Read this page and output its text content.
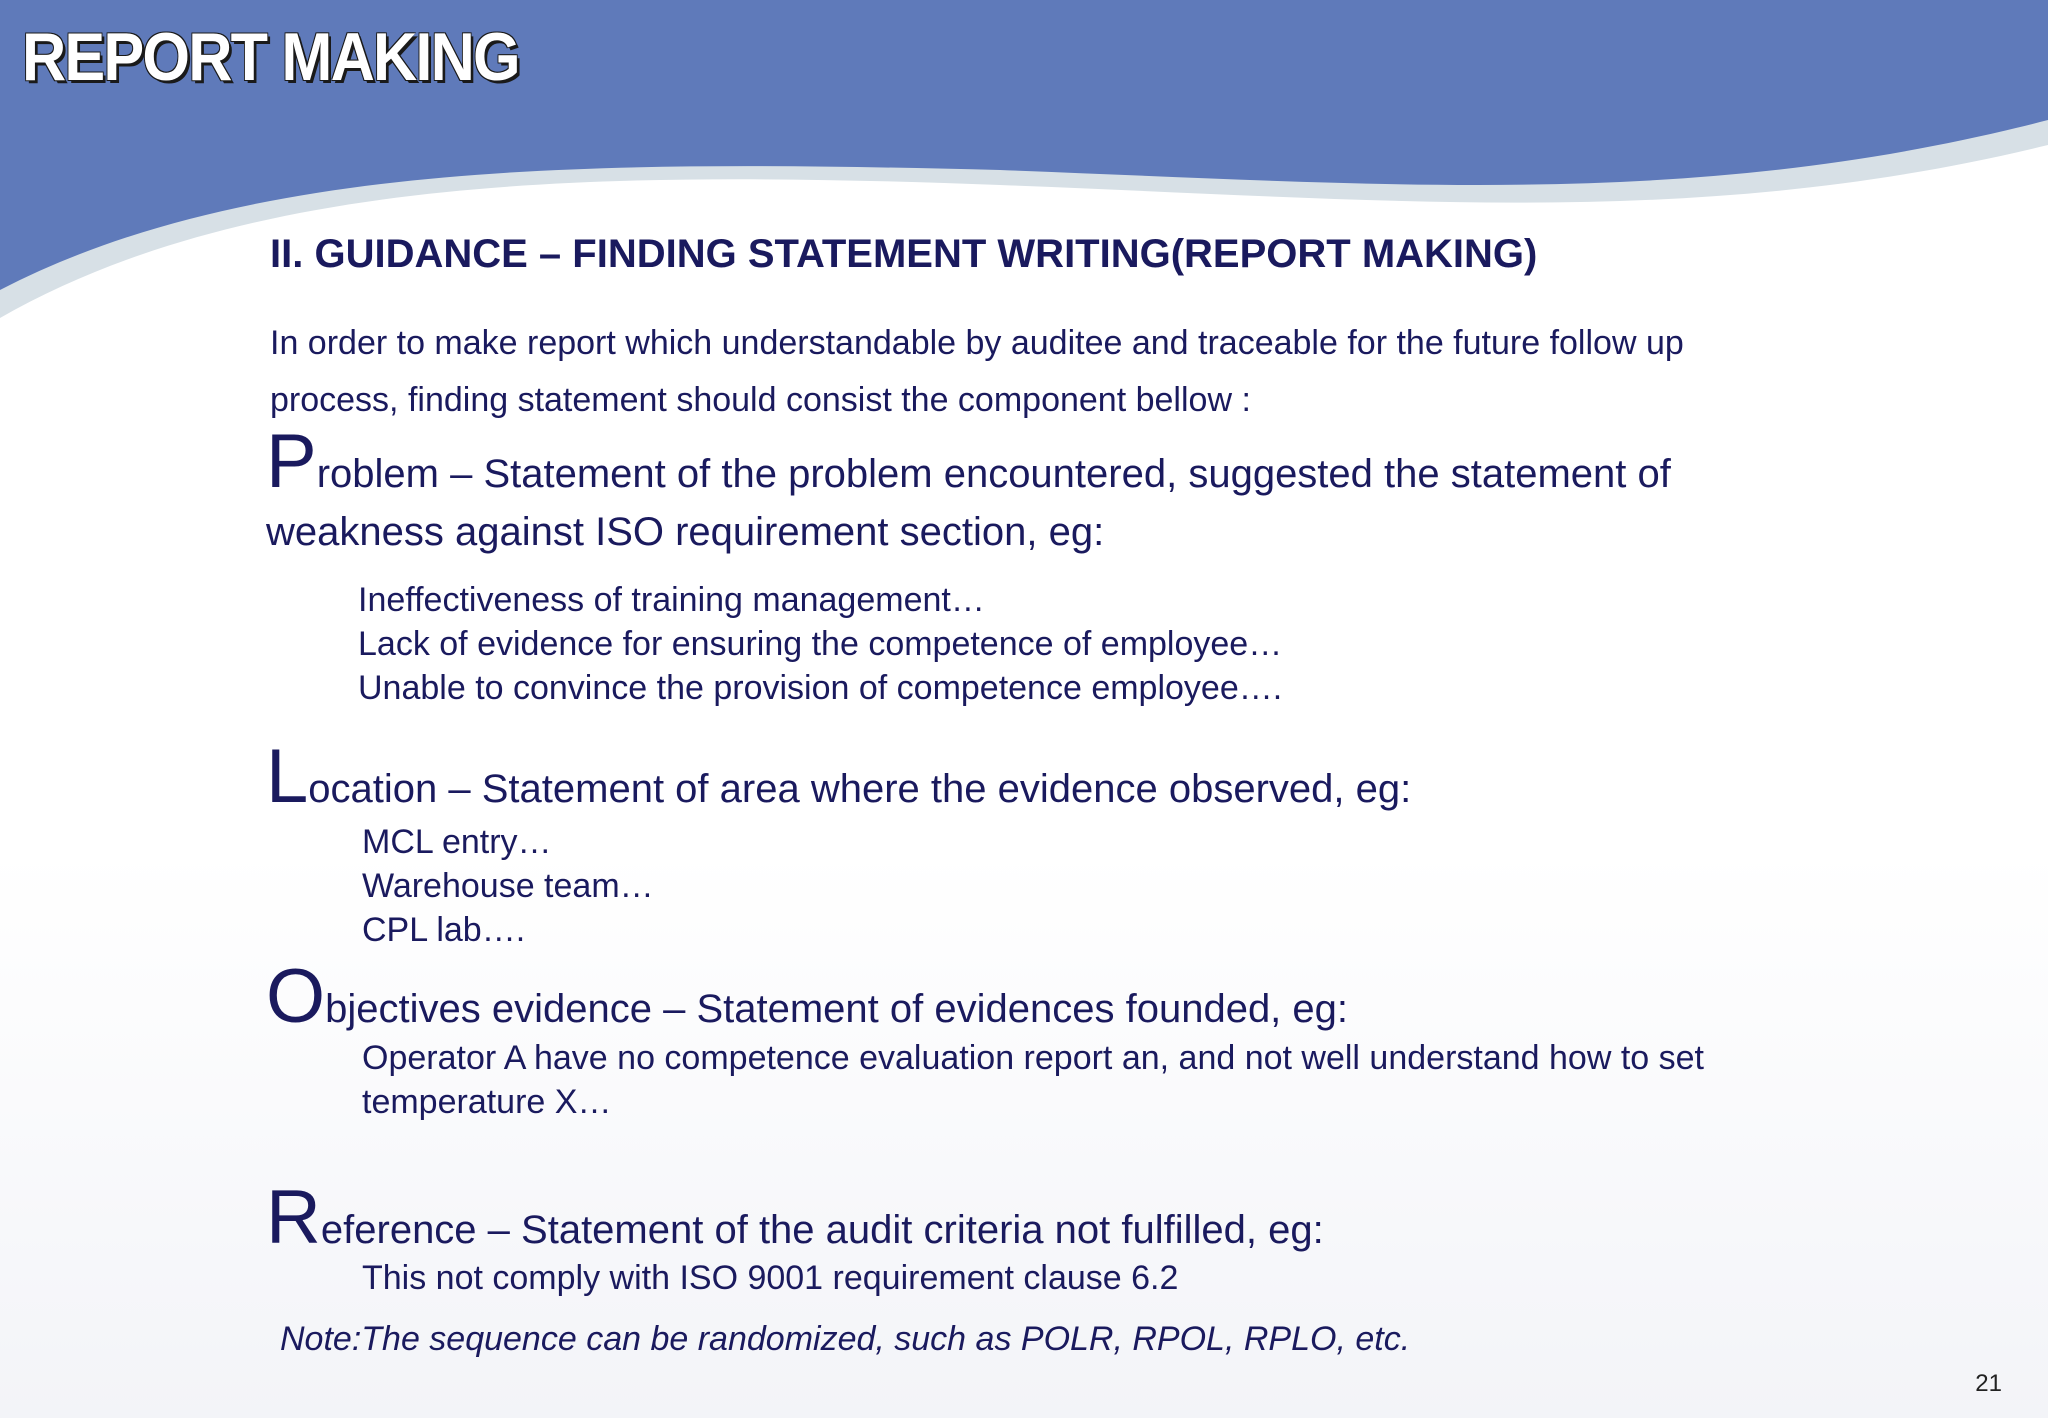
REPORT MAKING
II. GUIDANCE – FINDING STATEMENT WRITING(REPORT MAKING)

In order to make report which understandable by auditee and traceable for the future follow up process, finding statement should consist the component bellow :

Problem – Statement of the problem encountered, suggested the statement of

weakness against ISO requirement section, eg:

Ineffectiveness of training management…
Lack of evidence for ensuring the competence of employee…
Unable to convince the provision of competence employee….

Location – Statement of area where the evidence observed, eg:

MCL entry…
Warehouse team…
CPL lab….

Objectives evidence – Statement of evidences founded, eg:

Operator A have no competence evaluation report an, and not well understand how to set temperature X…

Reference – Statement of the audit criteria not fulfilled, eg:

This not comply with ISO 9001 requirement clause 6.2

Note:The sequence can be randomized, such as POLR, RPOL, RPLO, etc.

21
